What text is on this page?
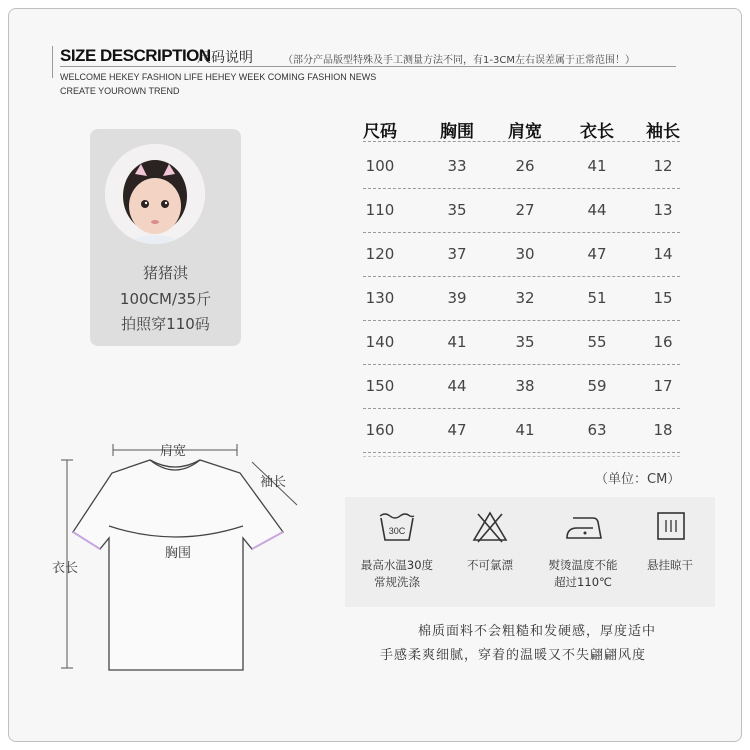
SIZE DESCRIPTION
尺码说明	（部分产品版型特殊及手工测量方法不同，有1-3CM左右误差属于正常范围！）
WELCOME HEKEY FASHION LIFE HEHEY WEEK COMING FASHION NEWS
CREATE YOUROWN TREND
猪猪淇
100CM/35斤
拍照穿110码
尺码	胸围	肩宽	衣长	袖长
100	33	26	41	12
110	35	27	44	13
120	37	30	47	14
130	39	32	51	15
140	41	35	55	16
150	44	38	59	17
160	47	41	63	18
（单位：CM）
30C
最高水温30度
常规洗涤
不可氯漂	熨烫温度不能
超过110℃
悬挂晾干
棉质面料不会粗糙和发硬感，厚度适中
手感柔爽细腻，穿着的温暖又不失翩翩风度
肩宽
袖长
胸围
衣长
